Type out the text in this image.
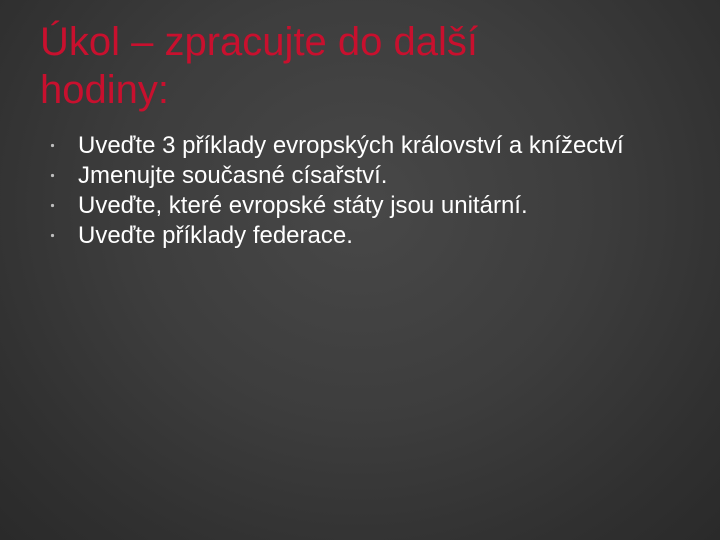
Úkol – zpracujte do další hodiny:
Uveďte 3 příklady evropských království a knížectví
Jmenujte současné císařství.
Uveďte, které evropské státy jsou unitární.
Uveďte příklady federace.
